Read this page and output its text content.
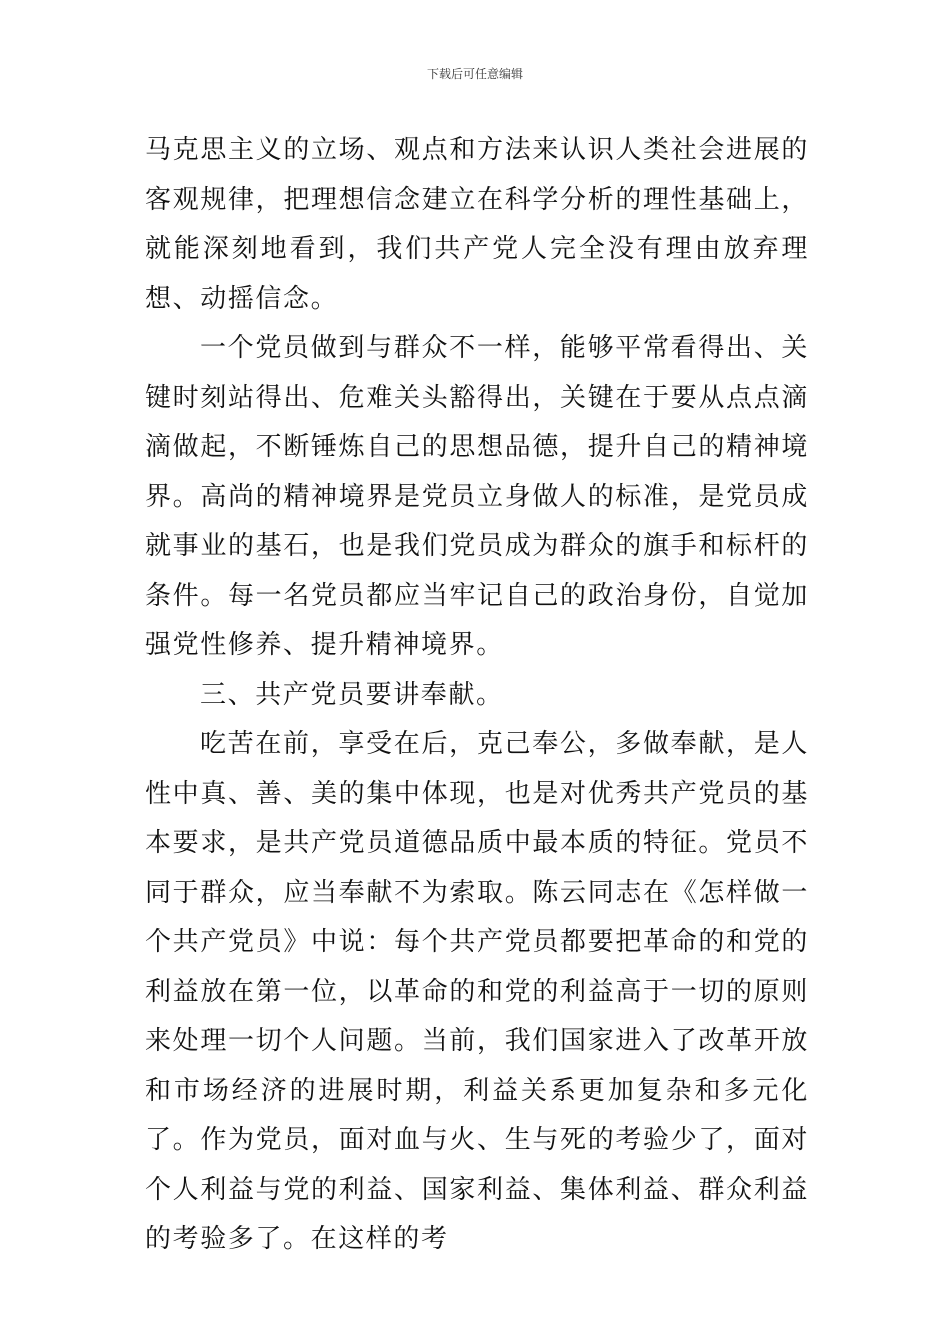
下载后可任意编辑

马克思主义的立场、观点和方法来认识人类社会进展的客观规律，把理想信念建立在科学分析的理性基础上，就能深刻地看到，我们共产党人完全没有理由放弃理想、动摇信念。

一个党员做到与群众不一样，能够平常看得出、关键时刻站得出、危难关头豁得出，关键在于要从点点滴滴做起，不断锤炼自己的思想品德，提升自己的精神境界。高尚的精神境界是党员立身做人的标准，是党员成就事业的基石，也是我们党员成为群众的旗手和标杆的条件。每一名党员都应当牢记自己的政治身份，自觉加强党性修养、提升精神境界。

三、共产党员要讲奉献。

吃苦在前，享受在后，克己奉公，多做奉献，是人性中真、善、美的集中体现，也是对优秀共产党员的基本要求，是共产党员道德品质中最本质的特征。党员不同于群众，应当奉献不为索取。陈云同志在《怎样做一个共产党员》中说：每个共产党员都要把革命的和党的利益放在第一位，以革命的和党的利益高于一切的原则来处理一切个人问题。当前，我们国家进入了改革开放和市场经济的进展时期，利益关系更加复杂和多元化了。作为党员，面对血与火、生与死的考验少了，面对个人利益与党的利益、国家利益、集体利益、群众利益的考验多了。在这样的考
